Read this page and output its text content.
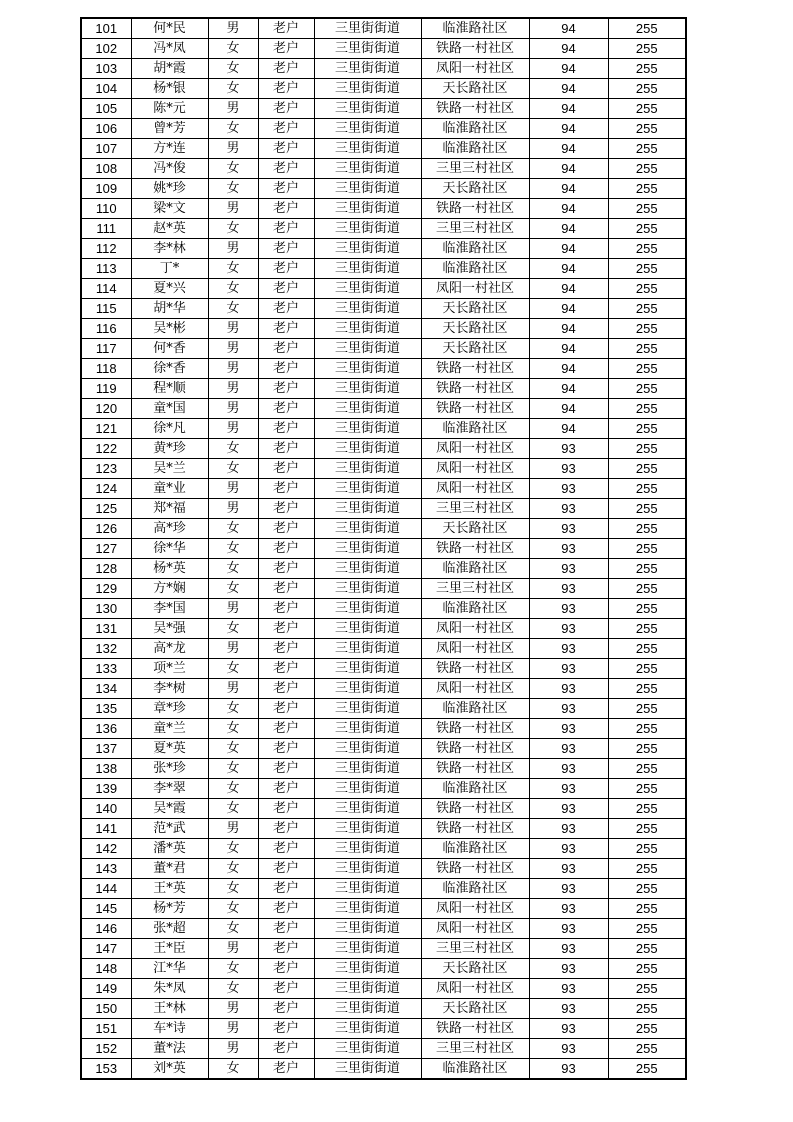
101	何*民	男	老户	三里街街道	临淮路社区	94	255
102	冯*凤	女	老户	三里街街道	铁路一村社区	94	255
103	胡*霞	女	老户	三里街街道	凤阳一村社区	94	255
104	杨*银	女	老户	三里街街道	天长路社区	94	255
105	陈*元	男	老户	三里街街道	铁路一村社区	94	255
106	曾*芳	女	老户	三里街街道	临淮路社区	94	255
107	方*连	男	老户	三里街街道	临淮路社区	94	255
108	冯*俊	女	老户	三里街街道	三里三村社区	94	255
109	姚*珍	女	老户	三里街街道	天长路社区	94	255
110	梁*文	男	老户	三里街街道	铁路一村社区	94	255
111	赵*英	女	老户	三里街街道	三里三村社区	94	255
112	李*林	男	老户	三里街街道	临淮路社区	94	255
113	丁*	女	老户	三里街街道	临淮路社区	94	255
114	夏*兴	女	老户	三里街街道	凤阳一村社区	94	255
115	胡*华	女	老户	三里街街道	天长路社区	94	255
116	吴*彬	男	老户	三里街街道	天长路社区	94	255
117	何*香	男	老户	三里街街道	天长路社区	94	255
118	徐*香	男	老户	三里街街道	铁路一村社区	94	255
119	程*顺	男	老户	三里街街道	铁路一村社区	94	255
120	童*国	男	老户	三里街街道	铁路一村社区	94	255
121	徐*凡	男	老户	三里街街道	临淮路社区	94	255
122	黄*珍	女	老户	三里街街道	凤阳一村社区	93	255
123	吴*兰	女	老户	三里街街道	凤阳一村社区	93	255
124	童*业	男	老户	三里街街道	凤阳一村社区	93	255
125	郑*福	男	老户	三里街街道	三里三村社区	93	255
126	高*珍	女	老户	三里街街道	天长路社区	93	255
127	徐*华	女	老户	三里街街道	铁路一村社区	93	255
128	杨*英	女	老户	三里街街道	临淮路社区	93	255
129	方*娴	女	老户	三里街街道	三里三村社区	93	255
130	李*国	男	老户	三里街街道	临淮路社区	93	255
131	吴*强	女	老户	三里街街道	凤阳一村社区	93	255
132	高*龙	男	老户	三里街街道	凤阳一村社区	93	255
133	项*兰	女	老户	三里街街道	铁路一村社区	93	255
134	李*树	男	老户	三里街街道	凤阳一村社区	93	255
135	章*珍	女	老户	三里街街道	临淮路社区	93	255
136	童*兰	女	老户	三里街街道	铁路一村社区	93	255
137	夏*英	女	老户	三里街街道	铁路一村社区	93	255
138	张*珍	女	老户	三里街街道	铁路一村社区	93	255
139	李*翠	女	老户	三里街街道	临淮路社区	93	255
140	吴*霞	女	老户	三里街街道	铁路一村社区	93	255
141	范*武	男	老户	三里街街道	铁路一村社区	93	255
142	潘*英	女	老户	三里街街道	临淮路社区	93	255
143	董*君	女	老户	三里街街道	铁路一村社区	93	255
144	王*英	女	老户	三里街街道	临淮路社区	93	255
145	杨*芳	女	老户	三里街街道	凤阳一村社区	93	255
146	张*超	女	老户	三里街街道	凤阳一村社区	93	255
147	王*臣	男	老户	三里街街道	三里三村社区	93	255
148	江*华	女	老户	三里街街道	天长路社区	93	255
149	朱*凤	女	老户	三里街街道	凤阳一村社区	93	255
150	王*林	男	老户	三里街街道	天长路社区	93	255
151	车*诗	男	老户	三里街街道	铁路一村社区	93	255
152	董*法	男	老户	三里街街道	三里三村社区	93	255
153	刘*英	女	老户	三里街街道	临淮路社区	93	255
